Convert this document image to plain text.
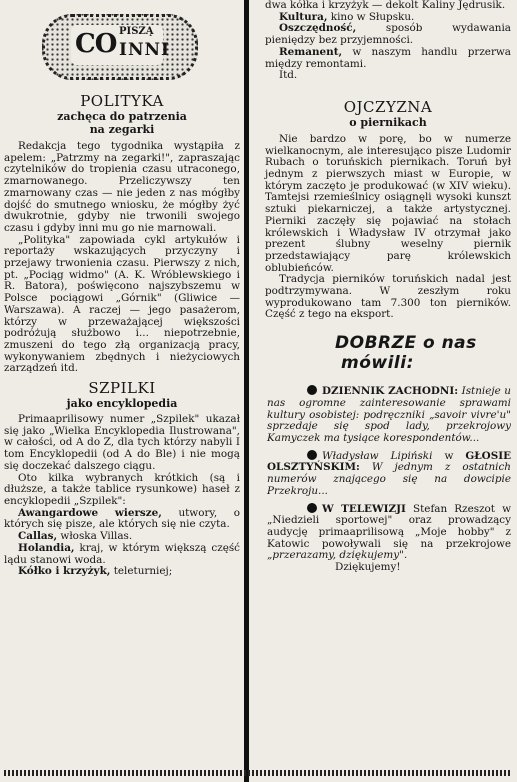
CO PISZĄ
INNI
POLITYKA
zachęca do patrzenia na zegarki

Redakcja tego tygodnika wystąpiła z apelem: „Patrzmy na zegarki!", zapraszając czytelników do tropienia czasu utraconego, zmarnowanego. Przeliczywszy ten zmarnowany czas — nie jeden z nas mógłby dojść do smutnego wniosku, że mógłby żyć dwukrotnie, gdyby nie trwonili swojego czasu i gdyby inni mu go nie marnowali.

„Polityka" zapowiada cykl artykułów i reportaży wskazujących przyczyny i przejawy trwonienia czasu. Pierwszy z nich, pt. „Pociąg widmo" (A. K. Wróblewskiego i R. Batora), poświęcono najszybszemu w Polsce pociągowi „Górnik" (Gliwice — Warszawa). A raczej — jego pasażerom, którzy w przeważającej większości podróżują służbowo i... niepotrzebnie, zmuszeni do tego złą organizacją pracy, wykonywaniem zbędnych i nieżyciowych zarządzeń itd.

SZPILKI
jako encyklopedia

Primaaprilisowy numer „Szpilek" ukazał się jako „Wielka Encyklopedia Ilustrowana", w całości, od A do Z, dla tych którzy nabyli I tom Encyklopedii (od A do Ble) i nie mogą się doczekać dalszego ciągu.

Oto kilka wybranych krótkich (są i dłuższe, a także tablice rysunkowe) haseł z encyklopedii „Szpilek":

Awangardowe wiersze, utwory, o których się pisze, ale których się nie czyta.

Callas, włoska Villas.

Holandia, kraj, w którym większą część lądu stanowi woda.

Kółko i krzyżyk, teleturniej;

dwa kółka i krzyżyk — dekolt Kaliny Jędrusik.

Kultura, kino w Słupsku.

Oszczędność,	sposób wydawania pieniędzy bez przyjemności.

Remanent, w naszym handlu przerwa między remontami.

Itd.

OJCZYZNA
o piernikach

Nie bardzo w porę, bo w numerze wielkanocnym, ale interesująco pisze Ludomir Rubach o toruńskich piernikach. Toruń był jednym z pierwszych miast w Europie, w którym zaczęto je produkować (w XIV wieku). Tamtejsi rzemieślnicy osiągnęli wysoki kunszt sztuki piekarniczej, a także artystycznej. Pierniki zaczęły się pojawiać na stołach królewskich i Władysław IV otrzymał jako prezent ślubny weselny piernik przedstawiający parę królewskich oblubieńców.

Tradycja pierników toruńskich nadal jest podtrzymywana. W zeszłym roku wyprodukowano tam 7.300 ton pierników. Część z tego na eksport.

DOBRZE o nas
mówili:

DZIENNIK ZACHODNI: Istnieje u nas ogromne zainteresowanie sprawami kultury osobistej: podręczniki „savoir vivre'u" sprzedaje się spod lady, przekrojowy Kamyczek ma tysiące korespondentów...

Władysław Lipiński w GŁOSIE OLSZTYŃSKIM: W jednym z ostatnich numerów znającego się na dowcipie Przekroju...

W TELEWIZJI Stefan Rzeszot w „Niedzieli sportowej" oraz prowadzący audycję primaaprilisową „Moje hobby" z Katowic powoływali się na przekrojowe „przerazamy, dziękujemy".

Dziękujemy!
